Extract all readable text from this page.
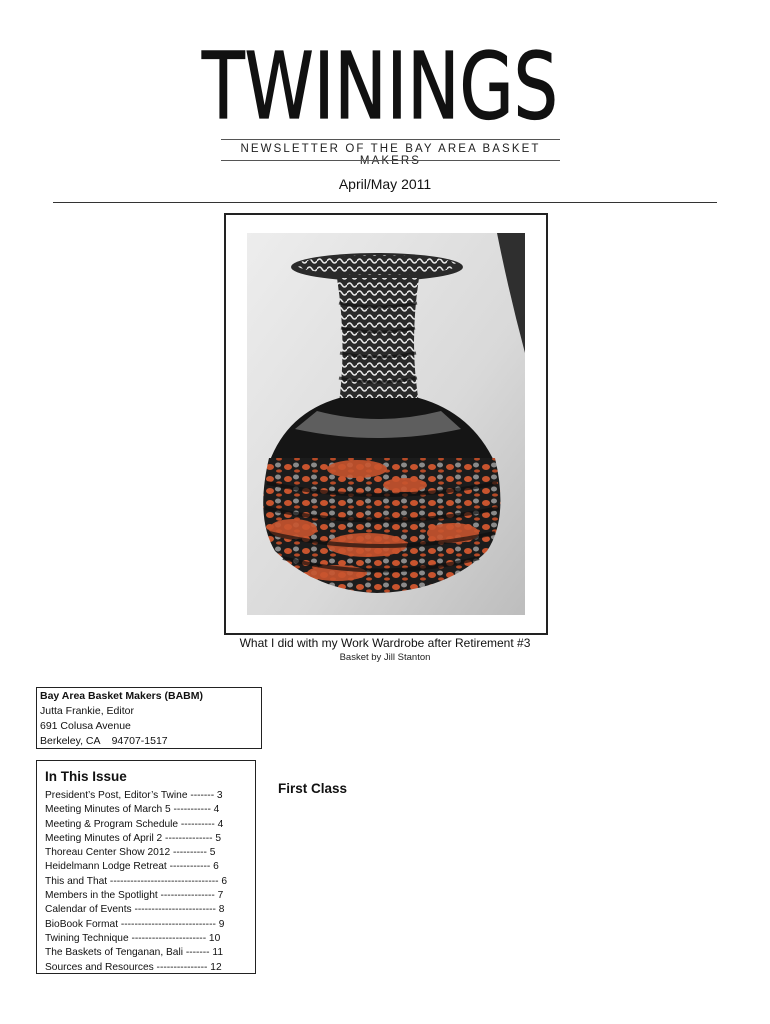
TWININGS
NEWSLETTER OF THE BAY AREA BASKET MAKERS
April/May 2011
What I did with my Work Wardrobe after Retirement #3
Basket by Jill Stanton
Bay Area Basket Makers (BABM)
Jutta Frankie, Editor
691 Colusa Avenue
Berkeley, CA    94707-1517
In This Issue
President’s Post, Editor’s Twine ------- 3
Meeting Minutes of March 5 ----------- 4
Meeting & Program Schedule ---------- 4
Meeting Minutes of April 2 -------------- 5
Thoreau Center Show 2012 ---------- 5
Heidelmann Lodge Retreat ------------ 6
This and That -------------------------------- 6
Members in the Spotlight ---------------- 7
Calendar of Events ------------------------ 8
BioBook Format ---------------------------- 9
Twining Technique ---------------------- 10
The Baskets of Tenganan, Bali ------- 11
Sources and Resources --------------- 12
First Class
